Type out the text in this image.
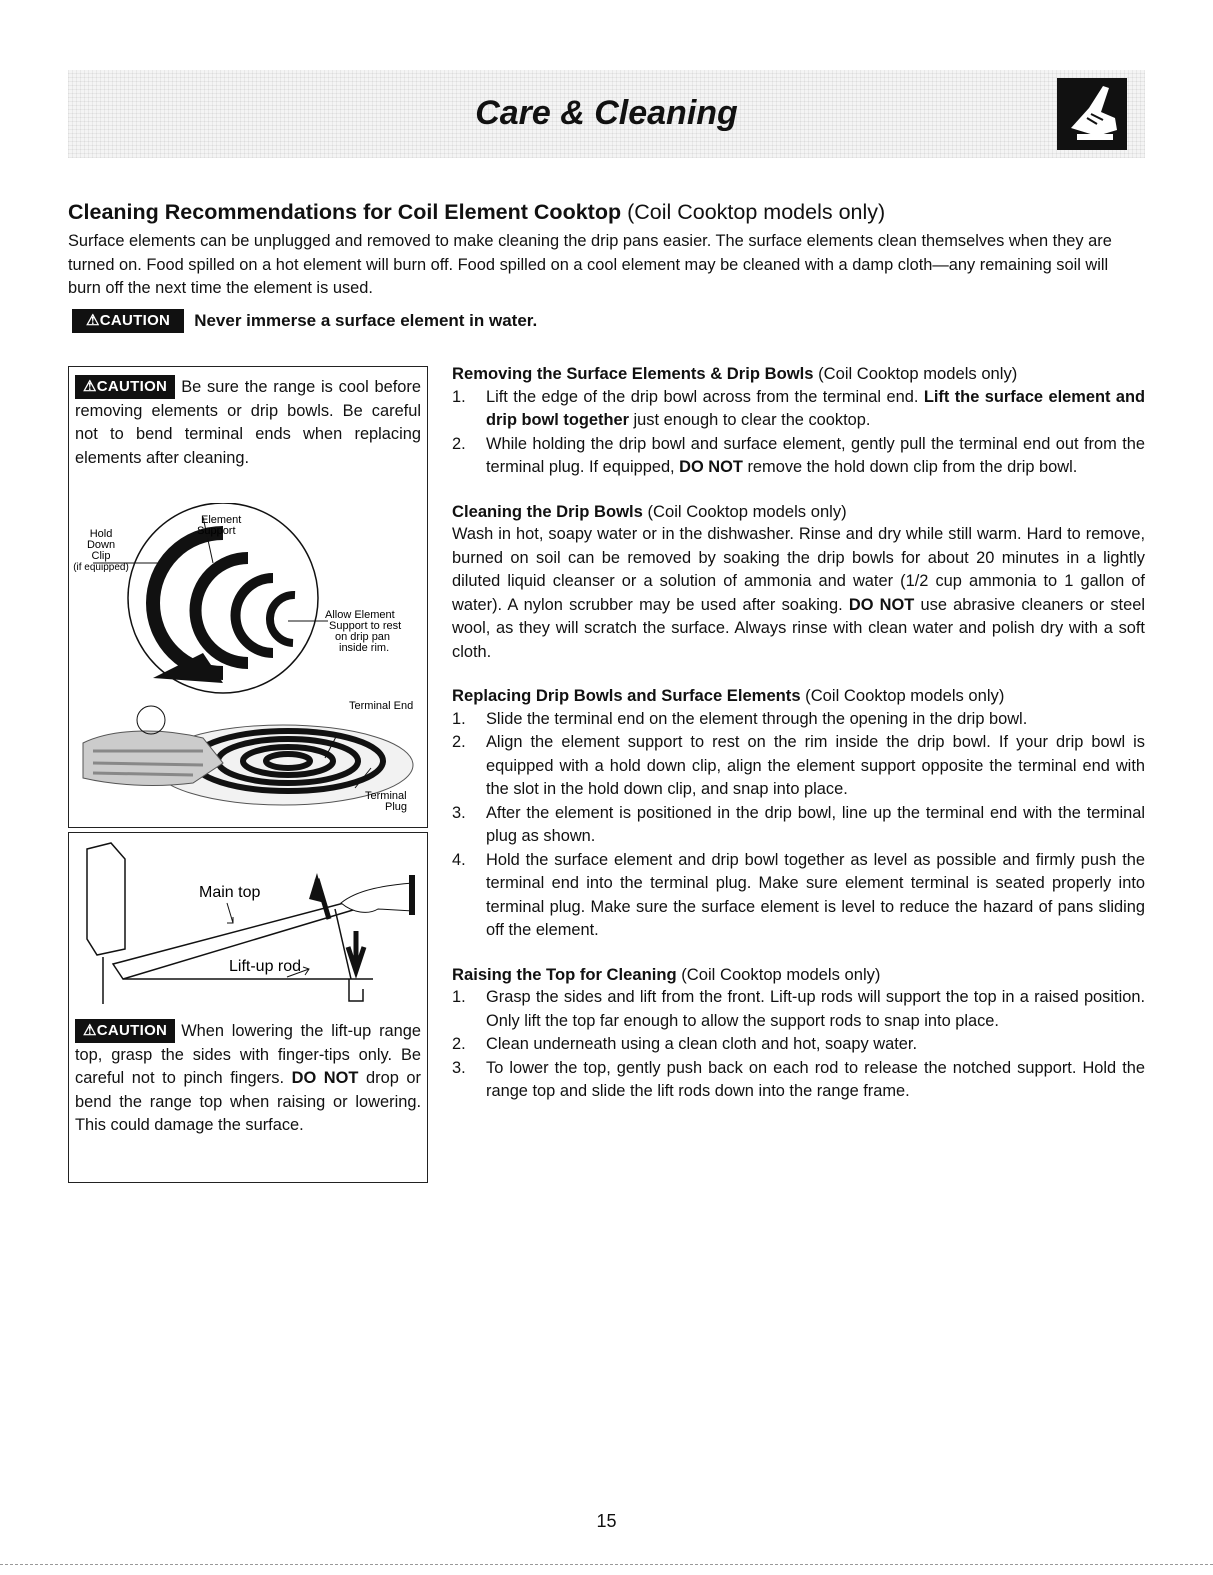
Care & Cleaning
Cleaning Recommendations for Coil Element Cooktop (Coil Cooktop models only)
Surface elements can be unplugged and removed to make cleaning the drip pans easier. The surface elements clean themselves when they are turned on. Food spilled on a hot element will burn off. Food spilled on a cool element may be cleaned with a damp cloth—any remaining soil will burn off the next time the element is used.
⚠CAUTION Never immerse a surface element in water.
⚠CAUTION Be sure the range is cool before removing elements or drip bowls. Be careful not to bend terminal ends when replacing elements after cleaning.
Hold
Down
Clip
(if equipped)
Element
Support
Allow Element
Support to rest
on drip pan
inside rim.
Terminal End
Terminal
Plug
Main top
Lift-up rod
⚠CAUTION When lowering the lift-up range top, grasp the sides with finger-tips only. Be careful not to pinch fingers. DO NOT drop or bend the range top when raising or lowering. This could damage the surface.
Removing the Surface Elements & Drip Bowls (Coil Cooktop models only)
1. Lift the edge of the drip bowl across from the terminal end. Lift the surface element and drip bowl together just enough to clear the cooktop.
2. While holding the drip bowl and surface element, gently pull the terminal end out from the terminal plug. If equipped, DO NOT remove the hold down clip from the drip bowl.
Cleaning the Drip Bowls (Coil Cooktop models only)

Wash in hot, soapy water or in the dishwasher. Rinse and dry while still warm. Hard to remove, burned on soil can be removed by soaking the drip bowls for about 20 minutes in a lightly diluted liquid cleanser or a solution of ammonia and water (1/2 cup ammonia to 1 gallon of water). A nylon scrubber may be used after soaking. DO NOT use abrasive cleaners or steel wool, as they will scratch the surface. Always rinse with clean water and polish dry with a soft cloth.

Replacing Drip Bowls and Surface Elements (Coil Cooktop models only)
1. Slide the terminal end on the element through the opening in the drip bowl.
2. Align the element support to rest on the rim inside the drip bowl. If your drip bowl is equipped with a hold down clip, align the element support opposite the terminal end with the slot in the hold down clip, and snap into place.
3. After the element is positioned in the drip bowl, line up the terminal end with the terminal plug as shown.
4. Hold the surface element and drip bowl together as level as possible and firmly push the terminal end into the terminal plug. Make sure element terminal is seated properly into terminal plug. Make sure the surface element is level to reduce the hazard of pans sliding off the element.
Raising the Top for Cleaning (Coil Cooktop models only)
1. Grasp the sides and lift from the front. Lift-up rods will support the top in a raised position. Only lift the top far enough to allow the support rods to snap into place.
2. Clean underneath using a clean cloth and hot, soapy water.
3. To lower the top, gently push back on each rod to release the notched support. Hold the range top and slide the lift rods down into the range frame.
15
